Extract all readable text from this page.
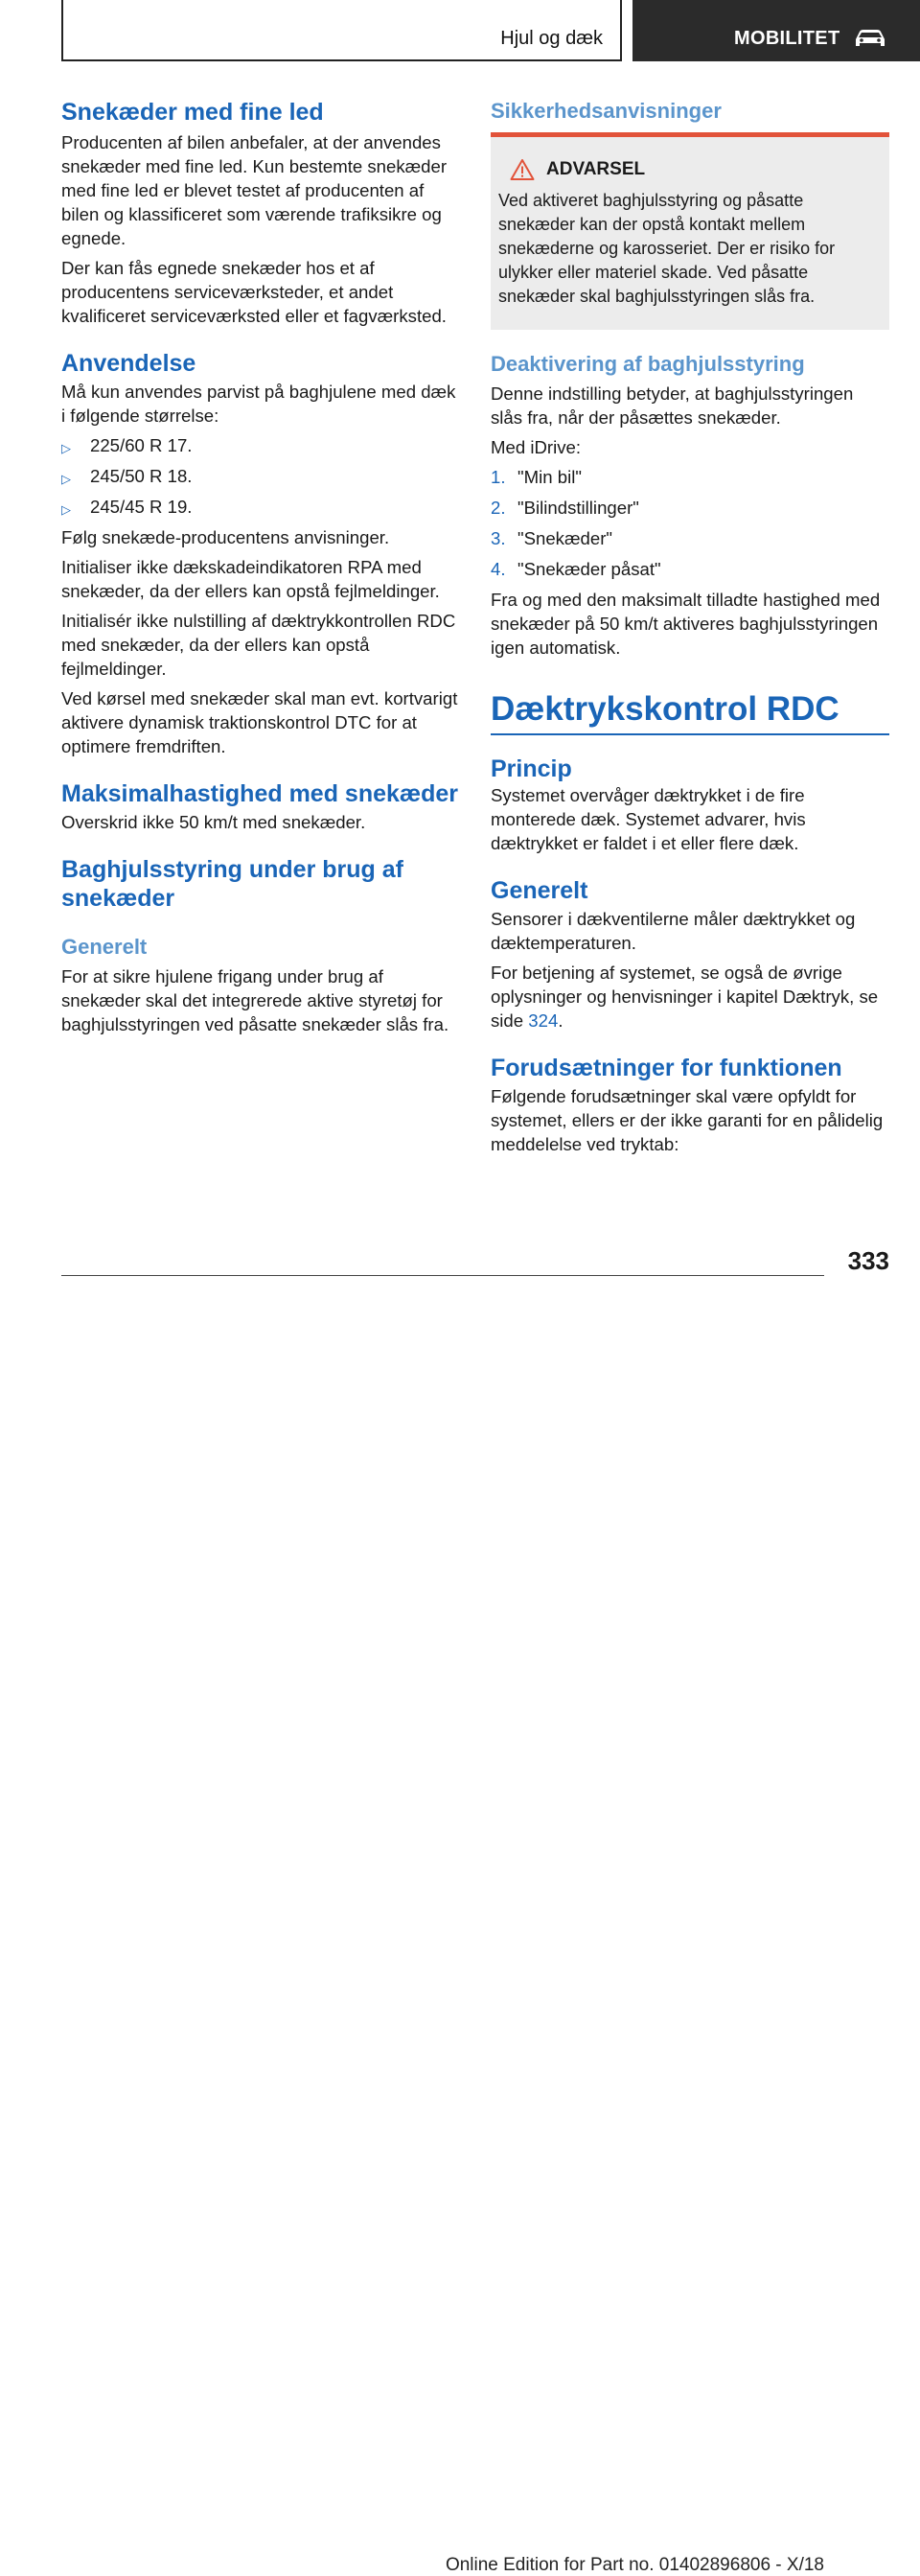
Hjul og dæk	MOBILITET
Snekæder med fine led

Producenten af bilen anbefaler, at der anvendes snekæder med fine led. Kun bestemte snekæder med fine led er blevet testet af producenten af bilen og klassificeret som værende trafiksikre og egnede.

Der kan fås egnede snekæder hos et af producentens serviceværksteder, et andet kvalificeret serviceværksted eller et fagværksted.

Anvendelse

Må kun anvendes parvist på baghjulene med dæk i følgende størrelse:

▷ 225/60 R 17.
▷ 245/50 R 18.
▷ 245/45 R 19.

Følg snekæde-producentens anvisninger.

Initialiser ikke dækskadeindikatoren RPA med snekæder, da der ellers kan opstå fejlmeldinger.

Initialisér ikke nulstilling af dæktrykkontrollen RDC med snekæder, da der ellers kan opstå fejlmeldinger.

Ved kørsel med snekæder skal man evt. kortvarigt aktivere dynamisk traktionskontrol DTC for at optimere fremdriften.

Maksimalhastighed med snekæder

Overskrid ikke 50 km/t med snekæder.

Baghjulsstyring under brug af snekæder
Generelt

For at sikre hjulene frigang under brug af snekæder skal det integrerede aktive styretøj for baghjulsstyringen ved påsatte snekæder slås fra.

Sikkerhedsanvisninger
ADVARSEL

Ved aktiveret baghjulsstyring og påsatte snekæder kan der opstå kontakt mellem snekæderne og karosseriet. Der er risiko for ulykker eller materiel skade. Ved påsatte snekæder skal baghjulsstyringen slås fra.

Deaktivering af baghjulsstyring

Denne indstilling betyder, at baghjulsstyringen slås fra, når der påsættes snekæder.

Med iDrive:

1. "Min bil"
2. "Bilindstillinger"
3. "Snekæder"
4. "Snekæder påsat"

Fra og med den maksimalt tilladte hastighed med snekæder på 50 km/t aktiveres baghjulsstyringen igen automatisk.

Dæktrykskontrol RDC
Princip

Systemet overvåger dæktrykket i de fire monterede dæk. Systemet advarer, hvis dæktrykket er faldet i et eller flere dæk.

Generelt

Sensorer i dækventilerne måler dæktrykket og dæktemperaturen.

For betjening af systemet, se også de øvrige oplysninger og henvisninger i kapitel Dæktryk, se side 324.

Forudsætninger for funktionen

Følgende forudsætninger skal være opfyldt for systemet, ellers er der ikke garanti for en pålidelig meddelelse ved tryktab:

333
Online Edition for Part no. 01402896806 - X/18
